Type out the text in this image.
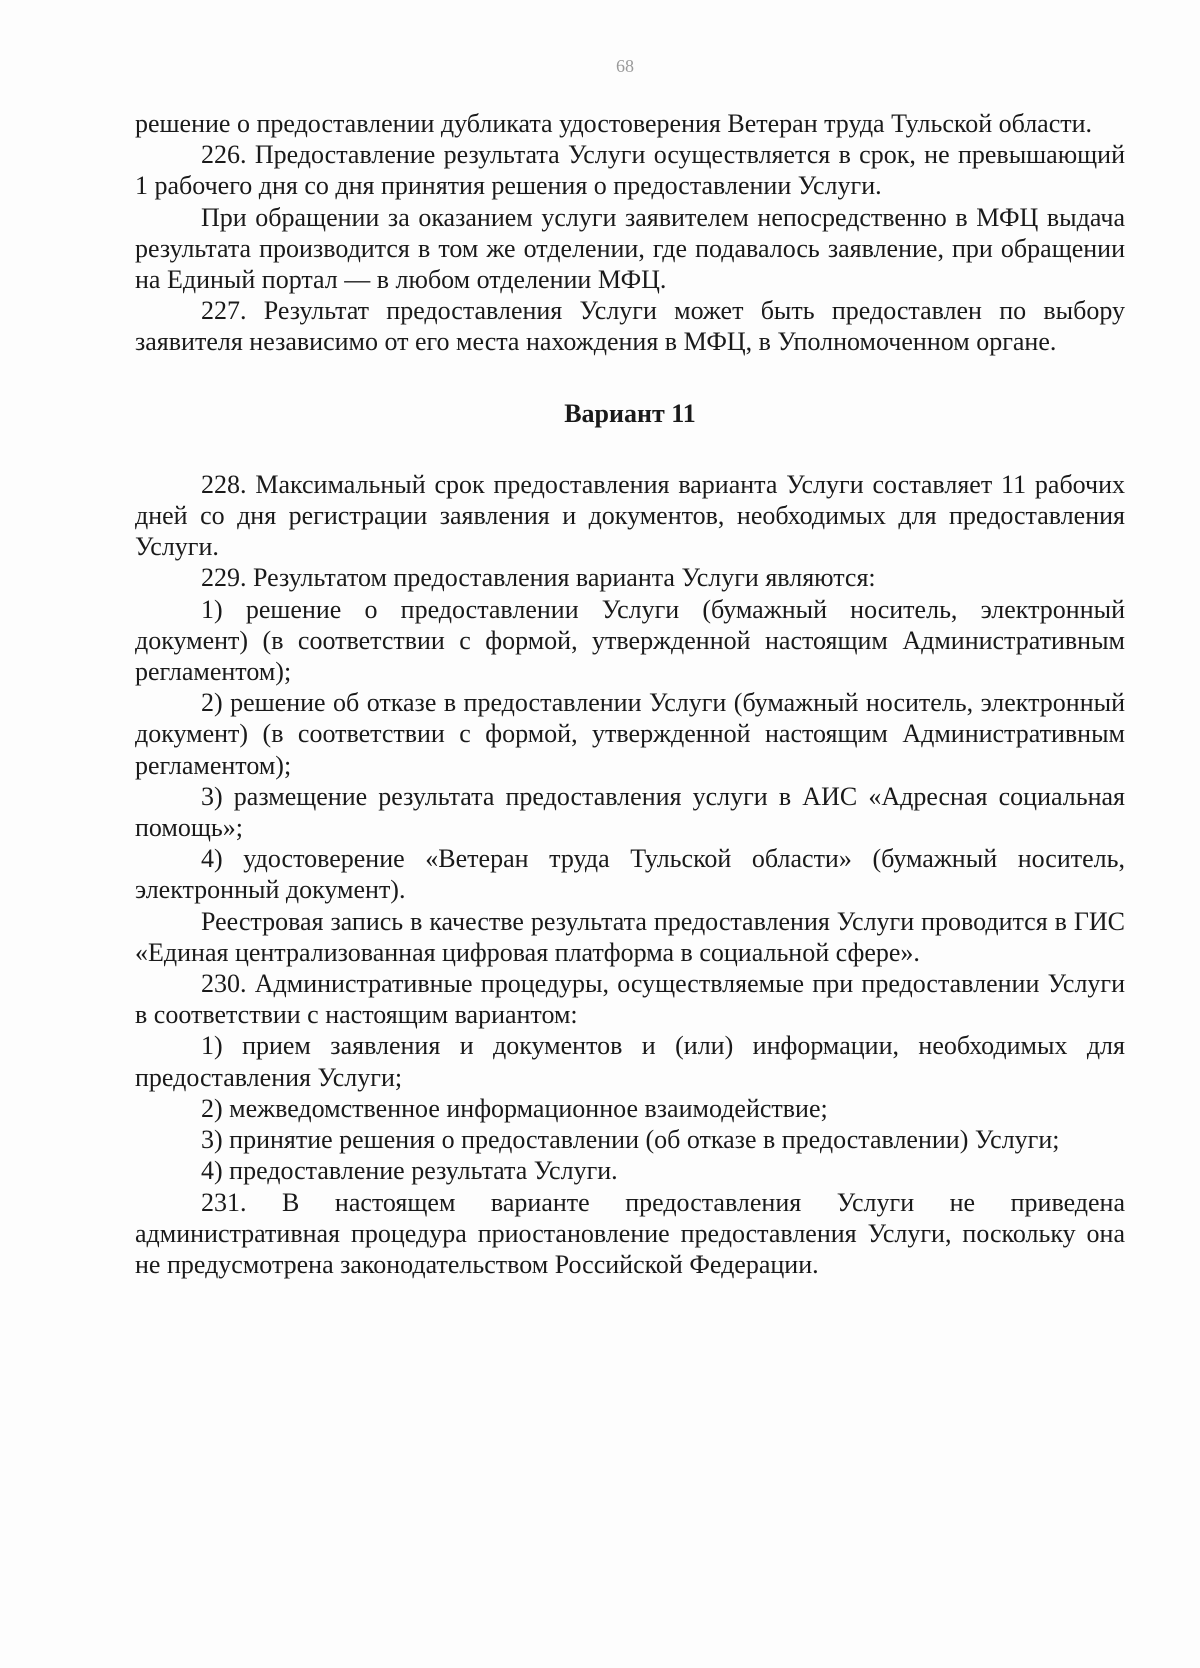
68

решение о предоставлении дубликата удостоверения Ветеран труда Тульской области.

226. Предоставление результата Услуги осуществляется в срок, не превышающий 1 рабочего дня со дня принятия решения о предоставлении Услуги.

При обращении за оказанием услуги заявителем непосредственно в МФЦ выдача результата производится в том же отделении, где подавалось заявление, при обращении на Единый портал — в любом отделении МФЦ.

227. Результат предоставления Услуги может быть предоставлен по выбору заявителя независимо от его места нахождения в МФЦ, в Уполномоченном органе.

Вариант 11

228. Максимальный срок предоставления варианта Услуги составляет 11 рабочих дней со дня регистрации заявления и документов, необходимых для предоставления Услуги.

229. Результатом предоставления варианта Услуги являются:

1) решение о предоставлении Услуги (бумажный носитель, электронный документ) (в соответствии с формой, утвержденной настоящим Административным регламентом);

2) решение об отказе в предоставлении Услуги (бумажный носитель, электронный документ) (в соответствии с формой, утвержденной настоящим Административным регламентом);

3) размещение результата предоставления услуги в АИС «Адресная социальная помощь»;

4) удостоверение «Ветеран труда Тульской области» (бумажный носитель, электронный документ).

Реестровая запись в качестве результата предоставления Услуги проводится в ГИС «Единая централизованная цифровая платформа в социальной сфере».

230. Административные процедуры, осуществляемые при предоставлении Услуги в соответствии с настоящим вариантом:

1) прием заявления и документов и (или) информации, необходимых для предоставления Услуги;

2) межведомственное информационное взаимодействие;

3) принятие решения о предоставлении (об отказе в предоставлении) Услуги;

4) предоставление результата Услуги.

231. В настоящем варианте предоставления Услуги не приведена административная процедура приостановление предоставления Услуги, поскольку она не предусмотрена законодательством Российской Федерации.
